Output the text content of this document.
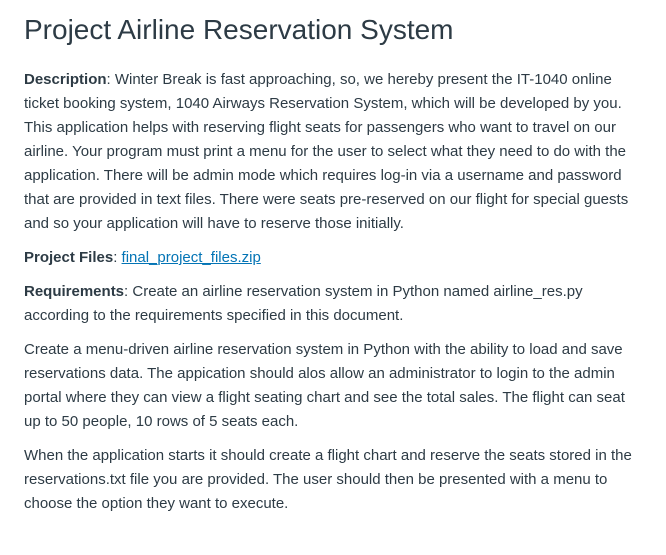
Project Airline Reservation System

Description: Winter Break is fast approaching, so, we hereby present the IT-1040 online ticket booking system, 1040 Airways Reservation System, which will be developed by you. This application helps with reserving flight seats for passengers who want to travel on our airline. Your program must print a menu for the user to select what they need to do with the application. There will be admin mode which requires log-in via a username and password that are provided in text files. There were seats pre-reserved on our flight for special guests and so your application will have to reserve those initially.

Project Files: final_project_files.zip

Requirements: Create an airline reservation system in Python named airline_res.py according to the requirements specified in this document.

Create a menu-driven airline reservation system in Python with the ability to load and save reservations data. The appication should alos allow an administrator to login to the admin portal where they can view a flight seating chart and see the total sales. The flight can seat up to 50 people, 10 rows of 5 seats each.

When the application starts it should create a flight chart and reserve the seats stored in the reservations.txt file you are provided. The user should then be presented with a menu to choose the option they want to execute.
